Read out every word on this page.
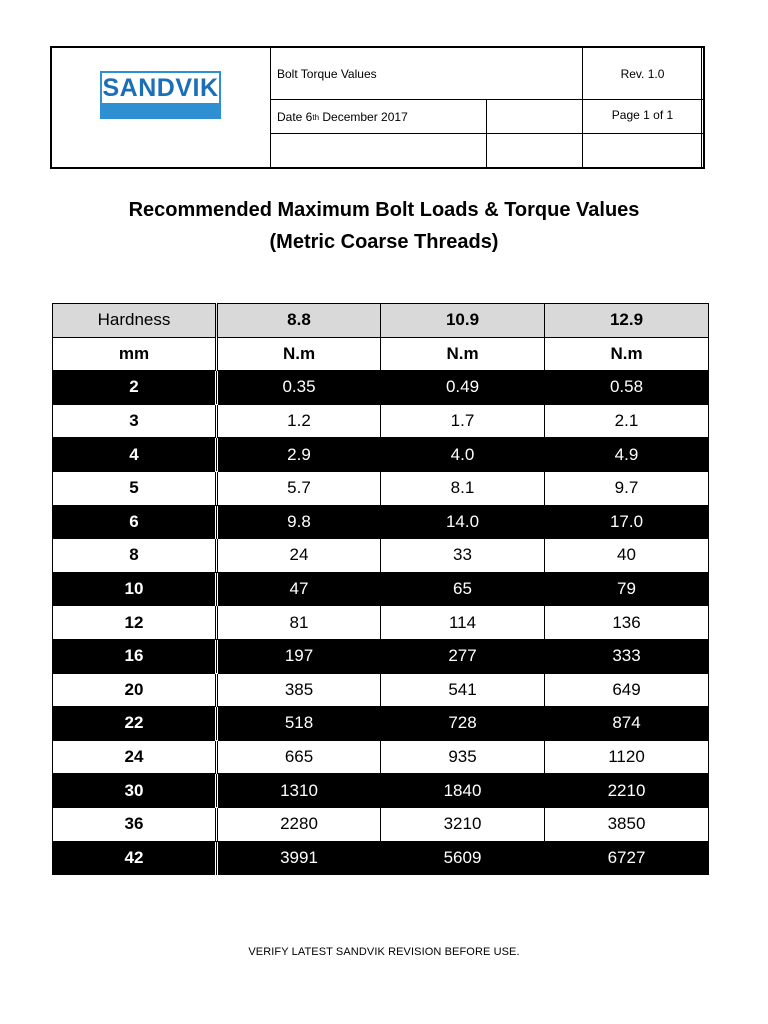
SANDVIK	Bolt Torque Values	Rev. 1.0
Date 6 th December 2017	Page 1 of 1
Recommended Maximum Bolt Loads & Torque Values
(Metric Coarse Threads)
Hardness	8.8	10.9	12.9
mm	N.m	N.m	N.m
2	0.35	0.49	0.58
3	1.2	1.7	2.1
4	2.9	4.0	4.9
5	5.7	8.1	9.7
6	9.8	14.0	17.0
8	24	33	40
10	47	65	79
12	81	114	136
16	197	277	333
20	385	541	649
22	518	728	874
24	665	935	1120
30	1310	1840	2210
36	2280	3210	3850
42	3991	5609	6727
VERIFY LATEST SANDVIK REVISION BEFORE USE.
